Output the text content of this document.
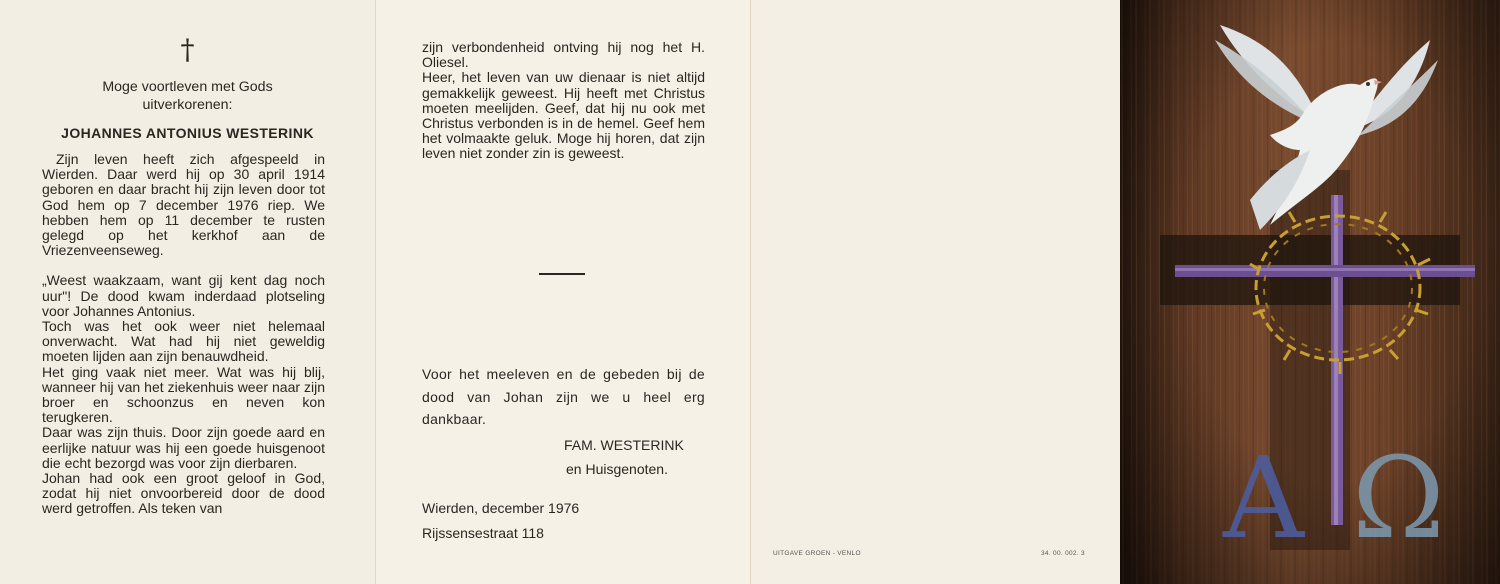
†

Moge voortleven met Gods

uitverkorenen:

JOHANNES ANTONIUS WESTERINK

Zijn leven heeft zich afgespeeld in Wierden. Daar werd hij op 30 april 1914 geboren en daar bracht hij zijn leven door tot God hem op 7 december 1976 riep. We hebben hem op 11 december te rusten gelegd op het kerkhof aan de Vriezenveenseweg.

„Weest waakzaam, want gij kent dag noch uur"! De dood kwam inderdaad plotseling voor Johannes Antonius.

Toch was het ook weer niet helemaal onverwacht. Wat had hij niet geweldig moeten lijden aan zijn benauwdheid.

Het ging vaak niet meer. Wat was hij blij, wanneer hij van het ziekenhuis weer naar zijn broer en schoonzus en neven kon terugkeren.

Daar was zijn thuis. Door zijn goede aard en eerlijke natuur was hij een goede huisgenoot die echt bezorgd was voor zijn dierbaren.

Johan had ook een groot geloof in God, zodat hij niet onvoorbereid door de dood werd getroffen. Als teken van

zijn verbondenheid ontving hij nog het H. Oliesel.

Heer, het leven van uw dienaar is niet altijd gemakkelijk geweest. Hij heeft met Christus moeten meelijden. Geef, dat hij nu ook met Christus verbonden is in de hemel. Geef hem het volmaakte geluk. Moge hij horen, dat zijn leven niet zonder zin is geweest.

Voor het meeleven en de gebeden bij de dood van Johan zijn we u heel erg dankbaar.

FAM. WESTERINK
en Huisgenoten.
Wierden, december 1976
Rijssensestraat 118
UITGAVE GROEN - VENLO	34. 00. 002. 3 Α Ω
